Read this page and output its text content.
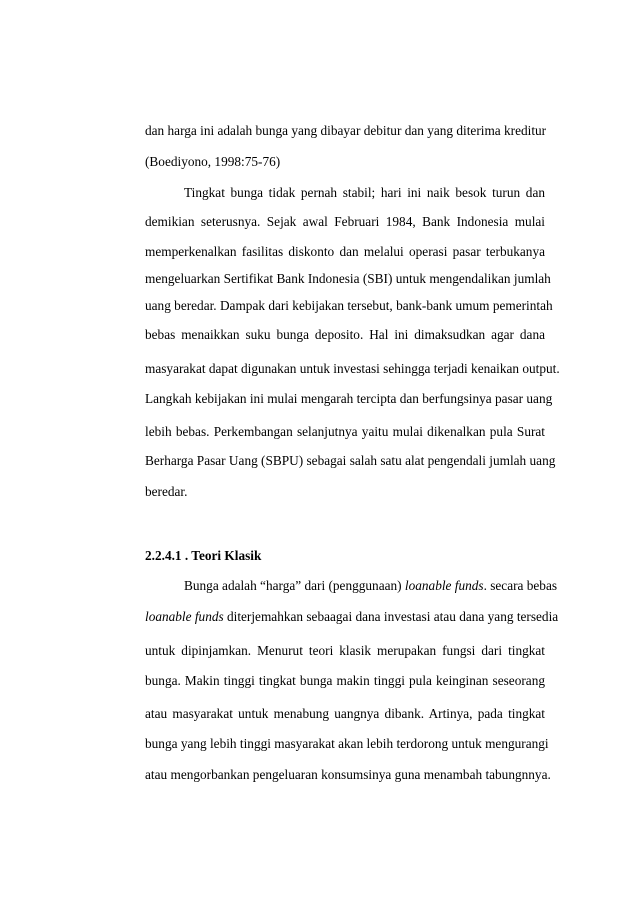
dan harga ini adalah bunga yang dibayar debitur dan yang diterima kreditur

(Boediyono, 1998:75-76)

Tingkat bunga tidak pernah stabil; hari ini naik besok turun dan

demikian seterusnya. Sejak awal Februari 1984, Bank Indonesia mulai

memperkenalkan fasilitas diskonto dan melalui operasi pasar terbukanya

mengeluarkan Sertifikat Bank Indonesia (SBI) untuk mengendalikan jumlah

uang beredar. Dampak dari kebijakan tersebut, bank-bank umum pemerintah

bebas menaikkan suku bunga deposito. Hal ini dimaksudkan agar dana

masyarakat dapat digunakan untuk investasi sehingga terjadi kenaikan output.

Langkah kebijakan ini mulai mengarah tercipta dan berfungsinya pasar uang

lebih bebas. Perkembangan selanjutnya yaitu mulai dikenalkan pula Surat

Berharga Pasar Uang (SBPU) sebagai salah satu alat pengendali jumlah uang

beredar.

2.2.4.1 . Teori Klasik

Bunga adalah “harga” dari (penggunaan) loanable funds. secara bebas

loanable funds diterjemahkan sebaagai dana investasi atau dana yang tersedia

untuk dipinjamkan. Menurut teori klasik merupakan fungsi dari tingkat

bunga. Makin tinggi tingkat bunga makin tinggi pula keinginan seseorang

atau masyarakat untuk menabung uangnya dibank. Artinya, pada tingkat

bunga yang lebih tinggi masyarakat akan lebih terdorong untuk mengurangi

atau mengorbankan pengeluaran konsumsinya guna menambah tabungnnya.
